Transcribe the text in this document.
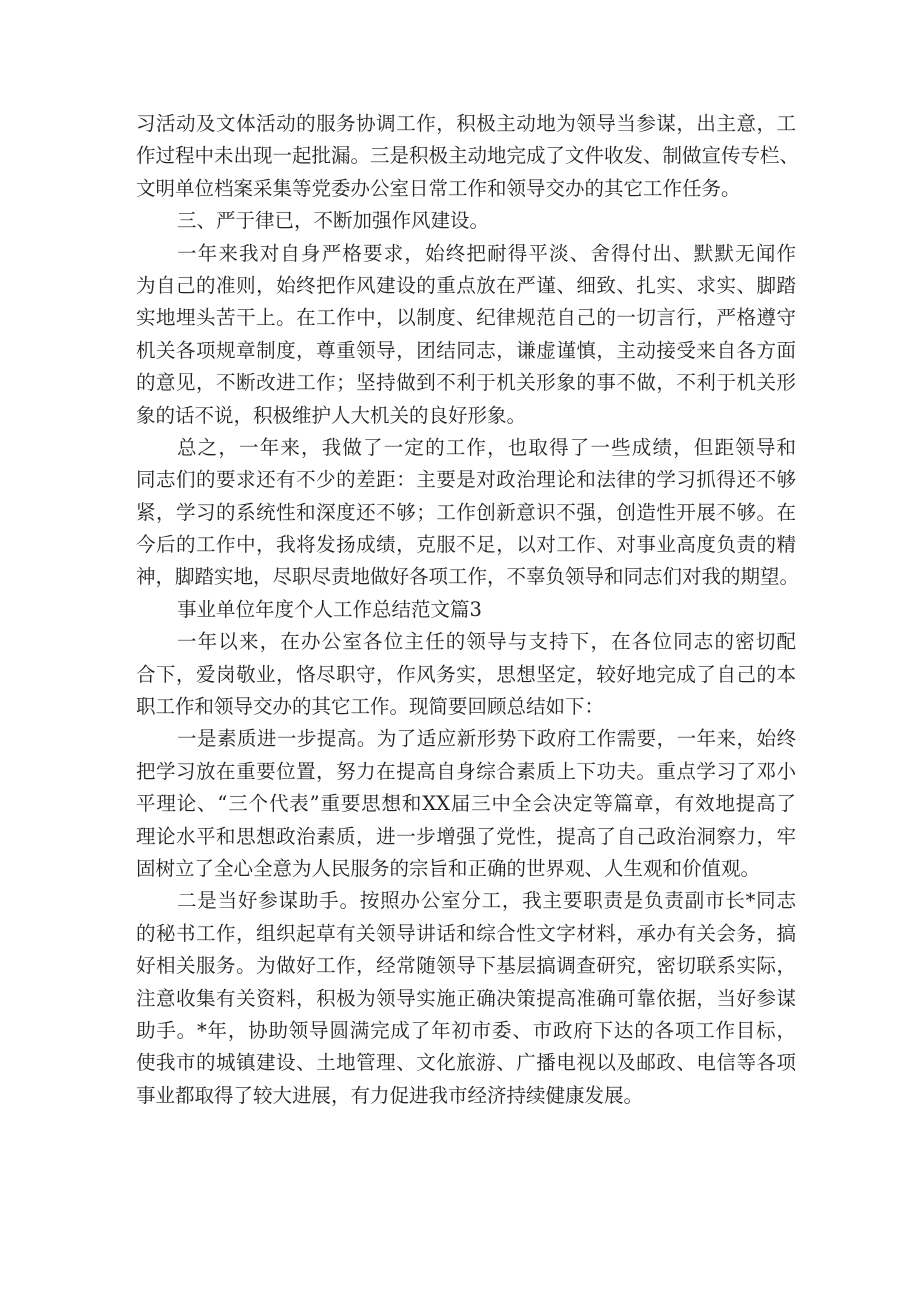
习活动及文体活动的服务协调工作，积极主动地为领导当参谋，出主意，工
作过程中未出现一起批漏。三是积极主动地完成了文件收发、制做宣传专栏、
文明单位档案采集等党委办公室日常工作和领导交办的其它工作任务。
三、严于律已，不断加强作风建设。
一年来我对自身严格要求，始终把耐得平淡、舍得付出、默默无闻作
为自己的准则，始终把作风建设的重点放在严谨、细致、扎实、求实、脚踏
实地埋头苦干上。在工作中，以制度、纪律规范自己的一切言行，严格遵守
机关各项规章制度，尊重领导，团结同志，谦虚谨慎，主动接受来自各方面
的意见，不断改进工作；坚持做到不利于机关形象的事不做，不利于机关形
象的话不说，积极维护人大机关的良好形象。
总之，一年来，我做了一定的工作，也取得了一些成绩，但距领导和
同志们的要求还有不少的差距：主要是对政治理论和法律的学习抓得还不够
紧，学习的系统性和深度还不够；工作创新意识不强，创造性开展不够。在
今后的工作中，我将发扬成绩，克服不足，以对工作、对事业高度负责的精
神，脚踏实地，尽职尽责地做好各项工作，不辜负领导和同志们对我的期望。
事业单位年度个人工作总结范文篇3
一年以来，在办公室各位主任的领导与支持下，在各位同志的密切配
合下，爱岗敬业，恪尽职守，作风务实，思想坚定，较好地完成了自己的本
职工作和领导交办的其它工作。现简要回顾总结如下：
一是素质进一步提高。为了适应新形势下政府工作需要，一年来，始终
把学习放在重要位置，努力在提高自身综合素质上下功夫。重点学习了邓小
平理论、“三个代表”重要思想和XX届三中全会决定等篇章，有效地提高了
理论水平和思想政治素质，进一步增强了党性，提高了自己政治洞察力，牢
固树立了全心全意为人民服务的宗旨和正确的世界观、人生观和价值观。
二是当好参谋助手。按照办公室分工，我主要职责是负责副市长*同志
的秘书工作，组织起草有关领导讲话和综合性文字材料，承办有关会务，搞
好相关服务。为做好工作，经常随领导下基层搞调查研究，密切联系实际，
注意收集有关资料，积极为领导实施正确决策提高准确可靠依据，当好参谋
助手。*年，协助领导圆满完成了年初市委、市政府下达的各项工作目标，
使我市的城镇建设、土地管理、文化旅游、广播电视以及邮政、电信等各项
事业都取得了较大进展，有力促进我市经济持续健康发展。
